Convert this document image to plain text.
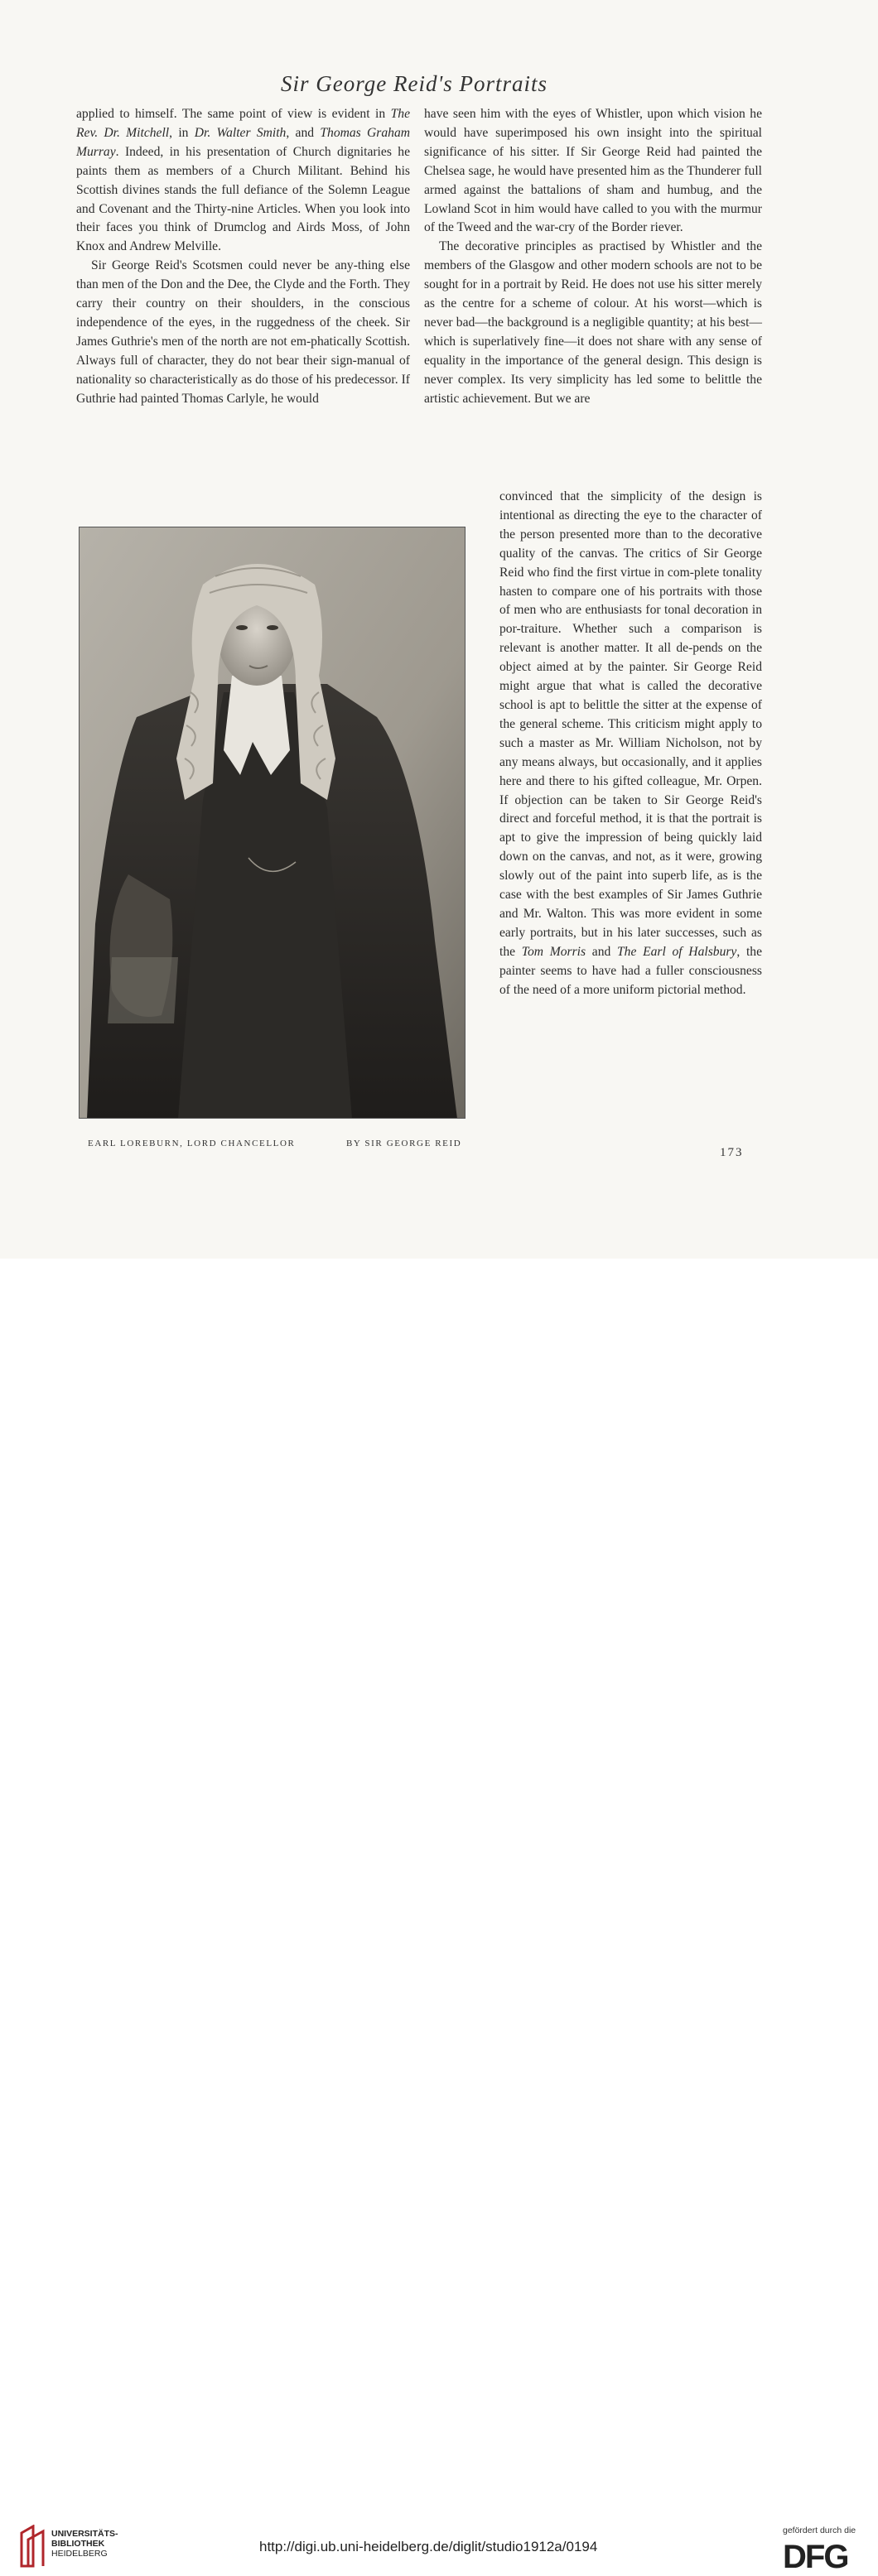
Sir George Reid's Portraits

applied to himself. The same point of view is evident in The Rev. Dr. Mitchell, in Dr. Walter Smith, and Thomas Graham Murray. Indeed, in his presentation of Church dignitaries he paints them as members of a Church Militant. Behind his Scottish divines stands the full defiance of the Solemn League and Covenant and the Thirty-nine Articles. When you look into their faces you think of Drumclog and Airds Moss, of John Knox and Andrew Melville.

Sir George Reid's Scotsmen could never be any-thing else than men of the Don and the Dee, the Clyde and the Forth. They carry their country on their shoulders, in the conscious independence of the eyes, in the ruggedness of the cheek. Sir James Guthrie's men of the north are not em-phatically Scottish. Always full of character, they do not bear their sign-manual of nationality so characteristically as do those of his predecessor. If Guthrie had painted Thomas Carlyle, he would

have seen him with the eyes of Whistler, upon which vision he would have superimposed his own insight into the spiritual significance of his sitter. If Sir George Reid had painted the Chelsea sage, he would have presented him as the Thunderer full armed against the battalions of sham and humbug, and the Lowland Scot in him would have called to you with the murmur of the Tweed and the war-cry of the Border riever.

The decorative principles as practised by Whistler and the members of the Glasgow and other modern schools are not to be sought for in a portrait by Reid. He does not use his sitter merely as the centre for a scheme of colour. At his worst—which is never bad—the background is a negligible quantity; at his best—which is superlatively fine—it does not share with any sense of equality in the importance of the general design. This design is never complex. Its very simplicity has led some to belittle the artistic achievement. But we are

convinced that the simplicity of the design is intentional as directing the eye to the character of the person presented more than to the decorative quality of the canvas. The critics of Sir George Reid who find the first virtue in com-plete tonality hasten to compare one of his portraits with those of men who are enthusiasts for tonal decoration in por-traiture. Whether such a comparison is relevant is another matter. It all de-pends on the object aimed at by the painter. Sir George Reid might argue that what is called the decorative school is apt to belittle the sitter at the expense of the general scheme. This criticism might apply to such a master as Mr. William Nicholson, not by any means always, but occasionally, and it applies here and there to his gifted colleague, Mr. Orpen. If objection can be taken to Sir George Reid's direct and forceful method, it is that the portrait is apt to give the impression of being quickly laid down on the canvas, and not, as it were, growing slowly out of the paint into superb life, as is the case with the best examples of Sir James Guthrie and Mr. Walton. This was more evident in some early portraits, but in his later successes, such as the Tom Morris and The Earl of Halsbury, the painter seems to have had a fuller consciousness of the need of a more uniform pictorial method.

EARL LOREBURN, LORD CHANCELLOR	BY SIR GEORGE REID
173
UNIVERSITÄTS-
BIBLIOTHEK
HEIDELBERG	http://digi.ub.uni-heidelberg.de/diglit/studio1912a/0194
gefördert durch die
DFG
